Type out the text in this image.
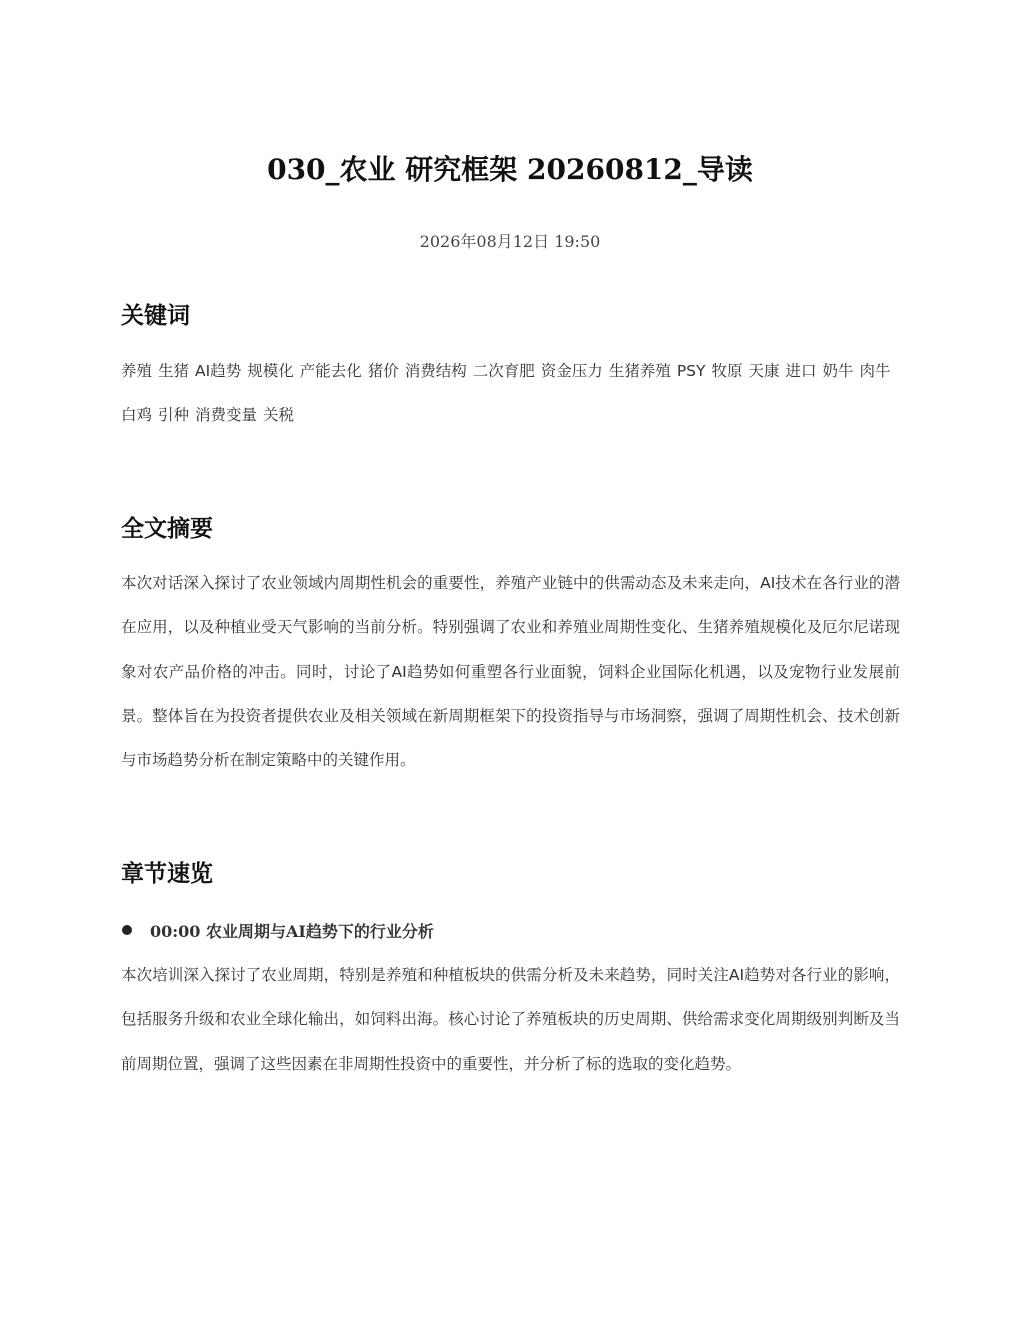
030_农业 研究框架 20260812_导读
2026年08月12日 19:50
关键词
养殖 生猪 AI趋势 规模化 产能去化 猪价 消费结构 二次育肥 资金压力 生猪养殖 PSY 牧原 天康 进口 奶牛 肉牛
白鸡 引种 消费变量 关税
全文摘要

本次对话深入探讨了农业领域内周期性机会的重要性，养殖产业链中的供需动态及未来走向，AI技术在各行业的潜在应用，以及种植业受天气影响的当前分析。特别强调了农业和养殖业周期性变化、生猪养殖规模化及厄尔尼诺现象对农产品价格的冲击。同时，讨论了AI趋势如何重塑各行业面貌，饲料企业国际化机遇，以及宠物行业发展前景。整体旨在为投资者提供农业及相关领域在新周期框架下的投资指导与市场洞察，强调了周期性机会、技术创新与市场趋势分析在制定策略中的关键作用。

章节速览
00:00 农业周期与AI趋势下的行业分析

本次培训深入探讨了农业周期，特别是养殖和种植板块的供需分析及未来趋势，同时关注AI趋势对各行业的影响，包括服务升级和农业全球化输出，如饲料出海。核心讨论了养殖板块的历史周期、供给需求变化周期级别判断及当前周期位置，强调了这些因素在非周期性投资中的重要性，并分析了标的选取的变化趋势。
